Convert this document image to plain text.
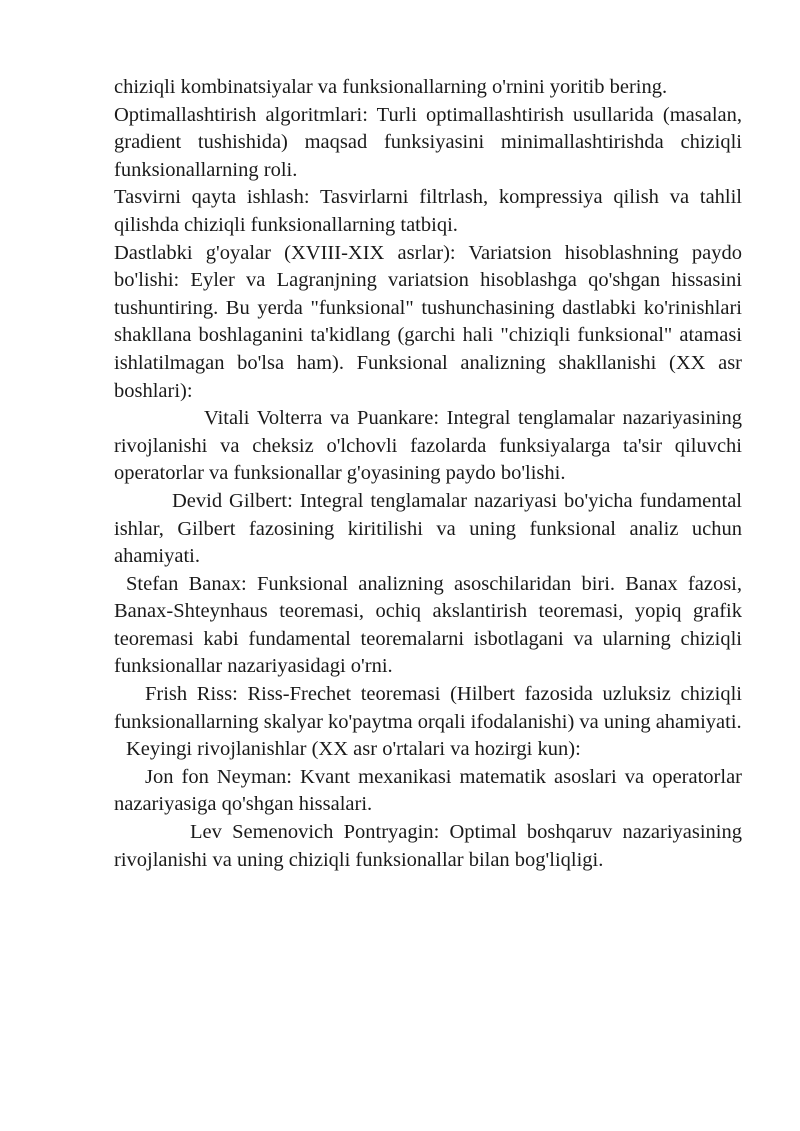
chiziqli kombinatsiyalar va funksionallarning o'rnini yoritib bering.

Optimallashtirish algoritmlari: Turli optimallashtirish usullarida (masalan, gradient tushishida) maqsad funksiyasini minimallashtirishda chiziqli funksionallarning roli.

Tasvirni qayta ishlash: Tasvirlarni filtrlash, kompressiya qilish va tahlil qilishda chiziqli funksionallarning tatbiqi.

Dastlabki g'oyalar (XVIII-XIX asrlar): Variatsion hisoblashning paydo bo'lishi: Eyler va Lagranjning variatsion hisoblashga qo'shgan hissasini tushuntiring. Bu yerda "funksional" tushunchasining dastlabki ko'rinishlari shakllana boshlaganini ta'kidlang (garchi hali "chiziqli funksional" atamasi ishlatilmagan bo'lsa ham). Funksional analizning shakllanishi (XX asr boshlari):

Vitali Volterra va Puankare: Integral tenglamalar nazariyasining rivojlanishi va cheksiz o'lchovli fazolarda funksiyalarga ta'sir qiluvchi operatorlar va funksionallar g'oyasining paydo bo'lishi.

Devid Gilbert: Integral tenglamalar nazariyasi bo'yicha fundamental ishlar, Gilbert fazosining kiritilishi va uning funksional analiz uchun ahamiyati.

Stefan Banax: Funksional analizning asoschilaridan biri. Banax fazosi, Banax-Shteynhaus teoremasi, ochiq akslantirish teoremasi, yopiq grafik teoremasi kabi fundamental teoremalarni isbotlagani va ularning chiziqli funksionallar nazariyasidagi o'rni.

Frish Riss: Riss-Frechet teoremasi (Hilbert fazosida uzluksiz chiziqli funksionallarning skalyar ko'paytma orqali ifodalanishi) va uning ahamiyati.

Keyingi rivojlanishlar (XX asr o'rtalari va hozirgi kun):

Jon fon Neyman: Kvant mexanikasi matematik asoslari va operatorlar nazariyasiga qo'shgan hissalari.

Lev Semenovich Pontryagin: Optimal boshqaruv nazariyasining rivojlanishi va uning chiziqli funksionallar bilan bog'liqligi.
